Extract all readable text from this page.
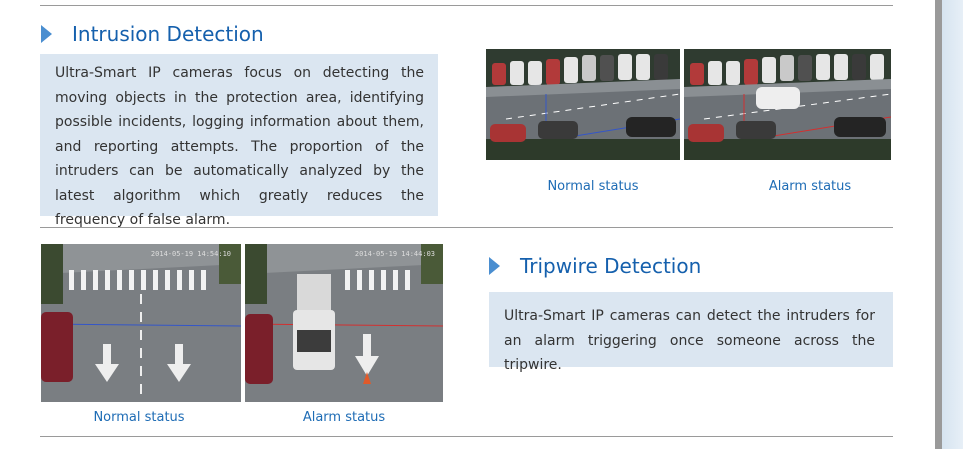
Intrusion Detection
Ultra-Smart IP cameras focus on detecting the moving objects in the protection area, identifying possible incidents, logging information about them, and reporting attempts. The proportion of the intruders can be automatically analyzed by the latest algorithm which greatly reduces the frequency of false alarm.
Normal status	Alarm status
2014-05-19 14:54:10	2014-05-19 14:44:03
Normal status	Alarm status
Tripwire Detection
Ultra-Smart IP cameras can detect the intruders for an alarm triggering once someone across the tripwire.
